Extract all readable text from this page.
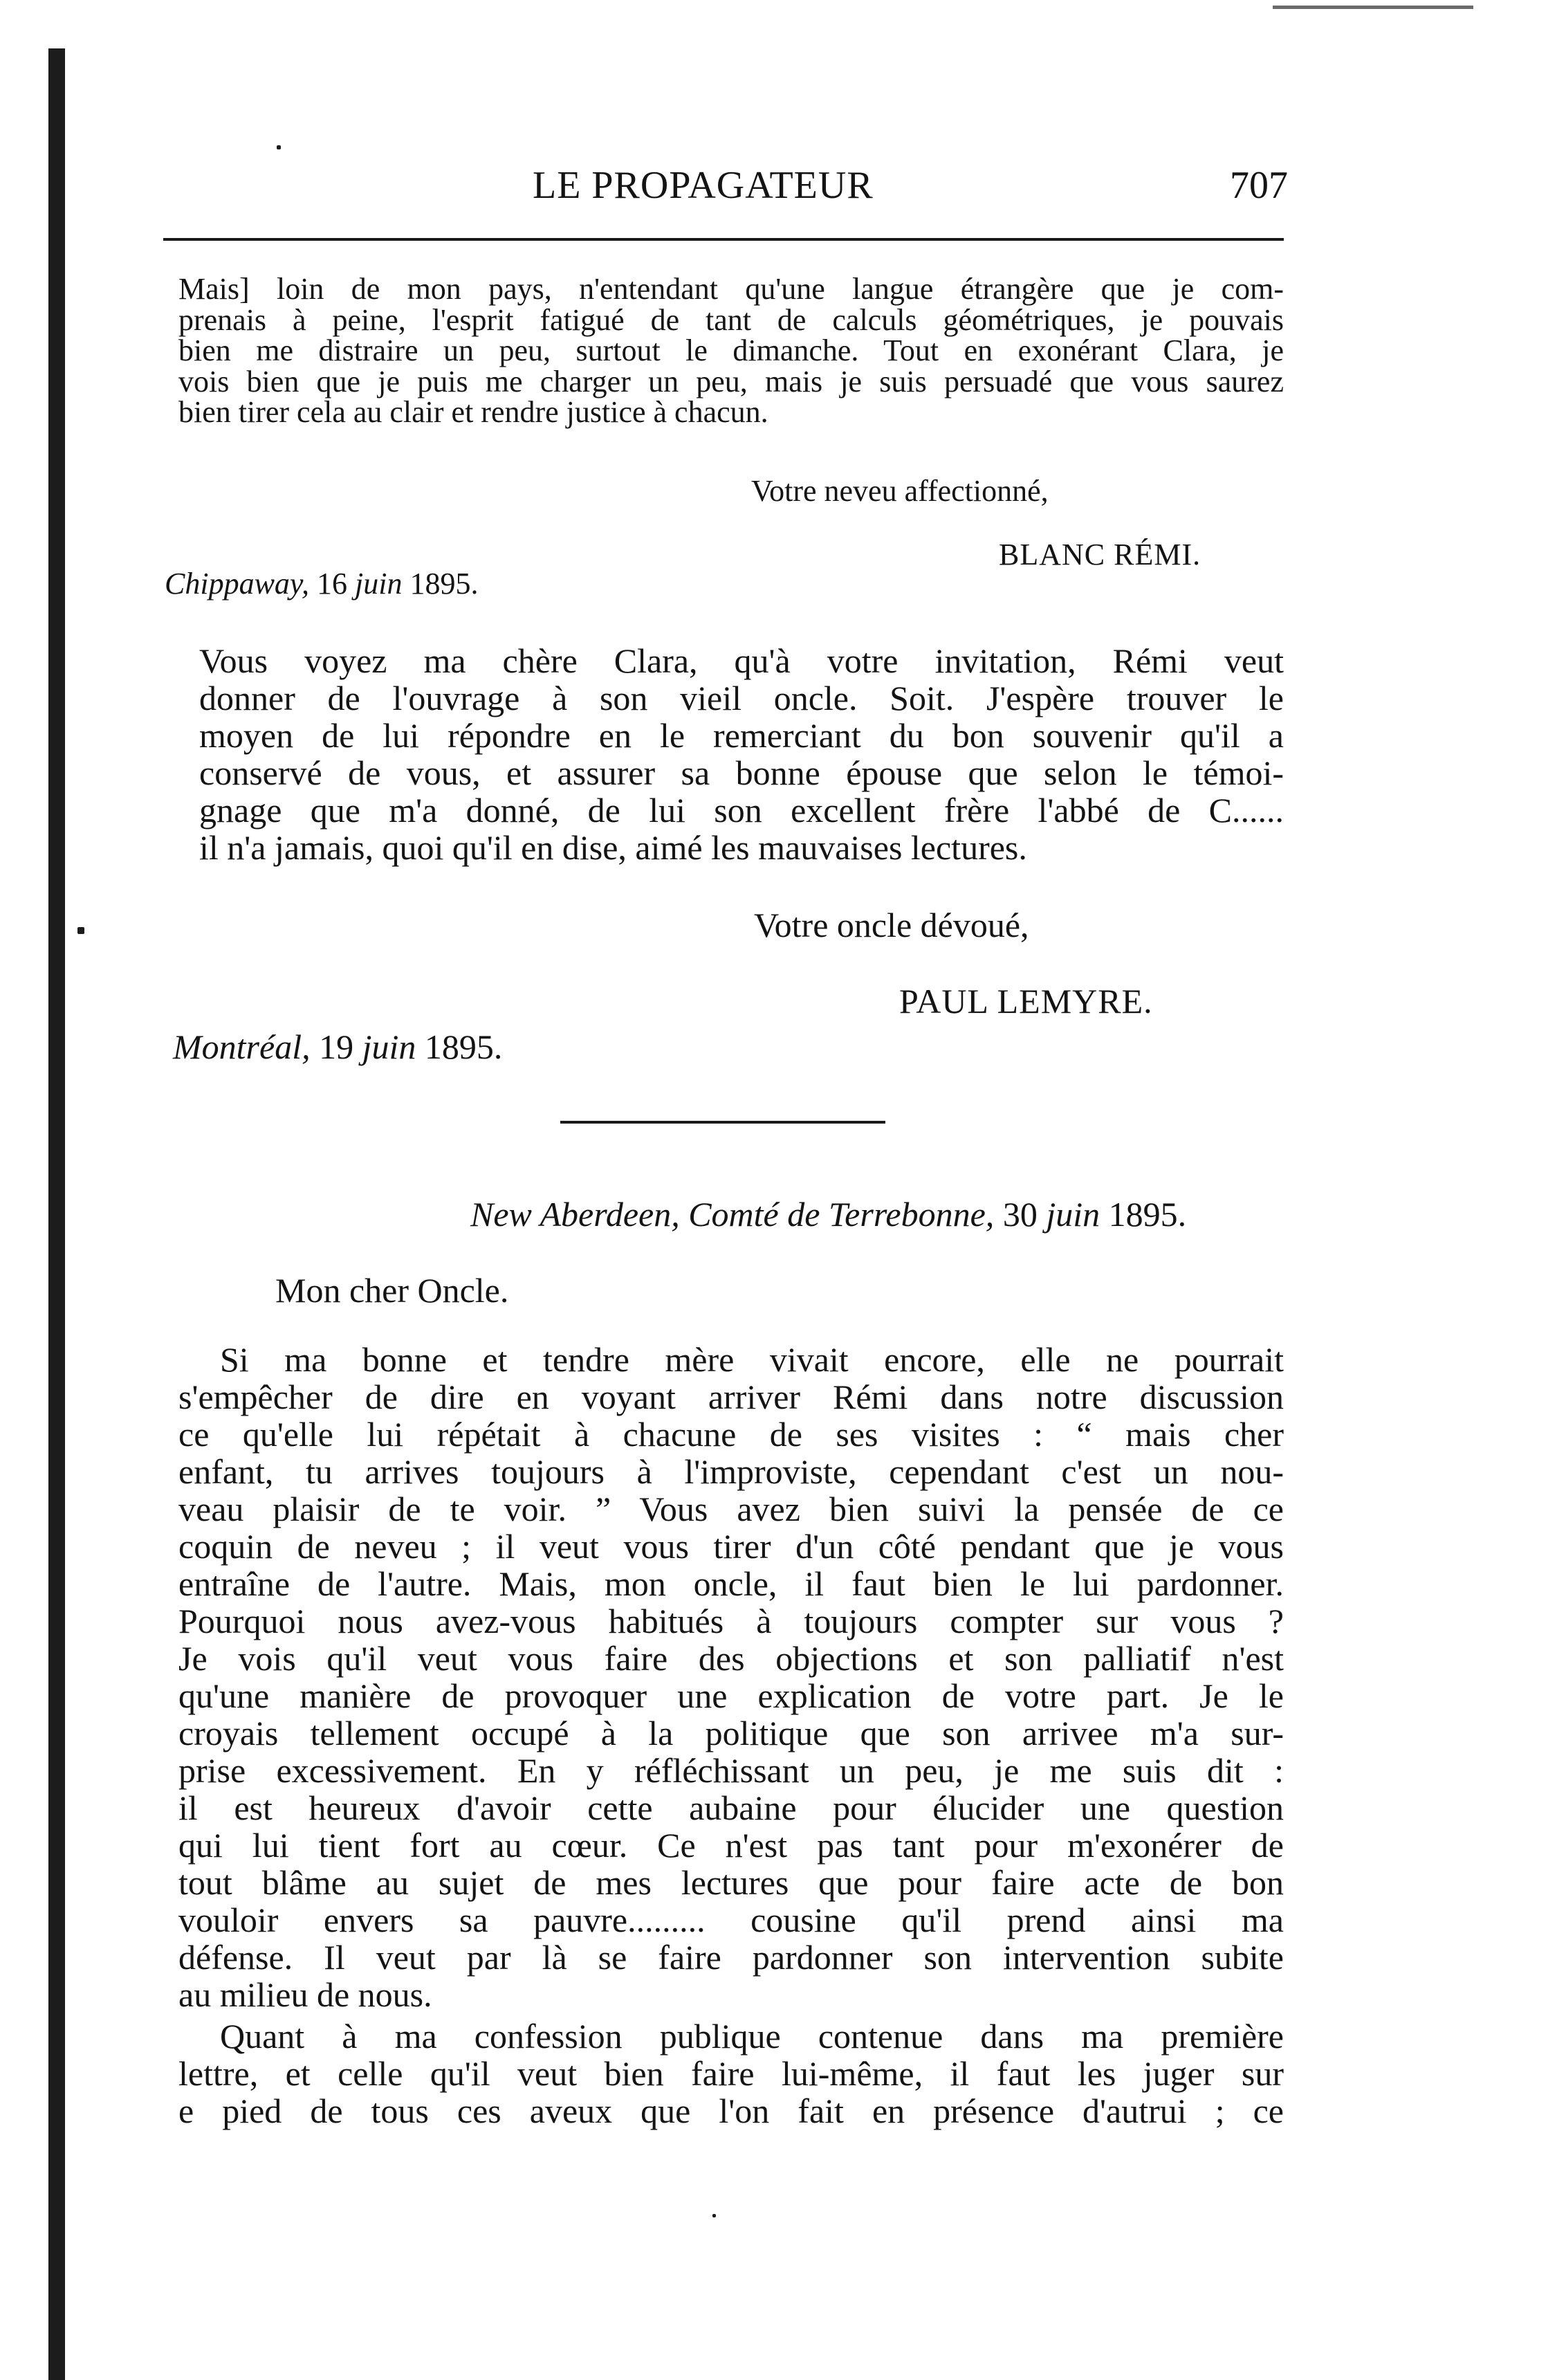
LE PROPAGATEUR	707

Mais] loin de mon pays, n'entendant qu'une langue étrangère que je com-

prenais à peine, l'esprit fatigué de tant de calculs géométriques, je pouvais

bien me distraire un peu, surtout le dimanche. Tout en exonérant Clara, je

vois bien que je puis me charger un peu, mais je suis persuadé que vous saurez

bien tirer cela au clair et rendre justice à chacun.

Votre neveu affectionné,
BLANC RÉMI.
Chippaway, 16 juin 1895.

Vous voyez ma chère Clara, qu'à votre invitation, Rémi veut

donner de l'ouvrage à son vieil oncle. Soit. J'espère trouver le

moyen de lui répondre en le remerciant du bon souvenir qu'il a

conservé de vous, et assurer sa bonne épouse que selon le témoi-

gnage que m'a donné, de lui son excellent frère l'abbé de C......

il n'a jamais, quoi qu'il en dise, aimé les mauvaises lectures.

Votre oncle dévoué,
PAUL LEMYRE.
Montréal, 19 juin 1895.
New Aberdeen, Comté de Terrebonne, 30 juin 1895.
Mon cher Oncle.

Si ma bonne et tendre mère vivait encore, elle ne pourrait

s'empêcher de dire en voyant arriver Rémi dans notre discussion

ce qu'elle lui répétait à chacune de ses visites : “ mais cher

enfant, tu arrives toujours à l'improviste, cependant c'est un nou-

veau plaisir de te voir. ” Vous avez bien suivi la pensée de ce

coquin de neveu ; il veut vous tirer d'un côté pendant que je vous

entraîne de l'autre. Mais, mon oncle, il faut bien le lui pardonner.

Pourquoi nous avez-vous habitués à toujours compter sur vous ?

Je vois qu'il veut vous faire des objections et son palliatif n'est

qu'une manière de provoquer une explication de votre part. Je le

croyais tellement occupé à la politique que son arrivee m'a sur-

prise excessivement. En y réfléchissant un peu, je me suis dit :

il est heureux d'avoir cette aubaine pour élucider une question

qui lui tient fort au cœur. Ce n'est pas tant pour m'exonérer de

tout blâme au sujet de mes lectures que pour faire acte de bon

vouloir envers sa pauvre......... cousine qu'il prend ainsi ma

défense. Il veut par là se faire pardonner son intervention subite

au milieu de nous.

Quant à ma confession publique contenue dans ma première

lettre, et celle qu'il veut bien faire lui-même, il faut les juger sur

e pied de tous ces aveux que l'on fait en présence d'autrui ; ce
